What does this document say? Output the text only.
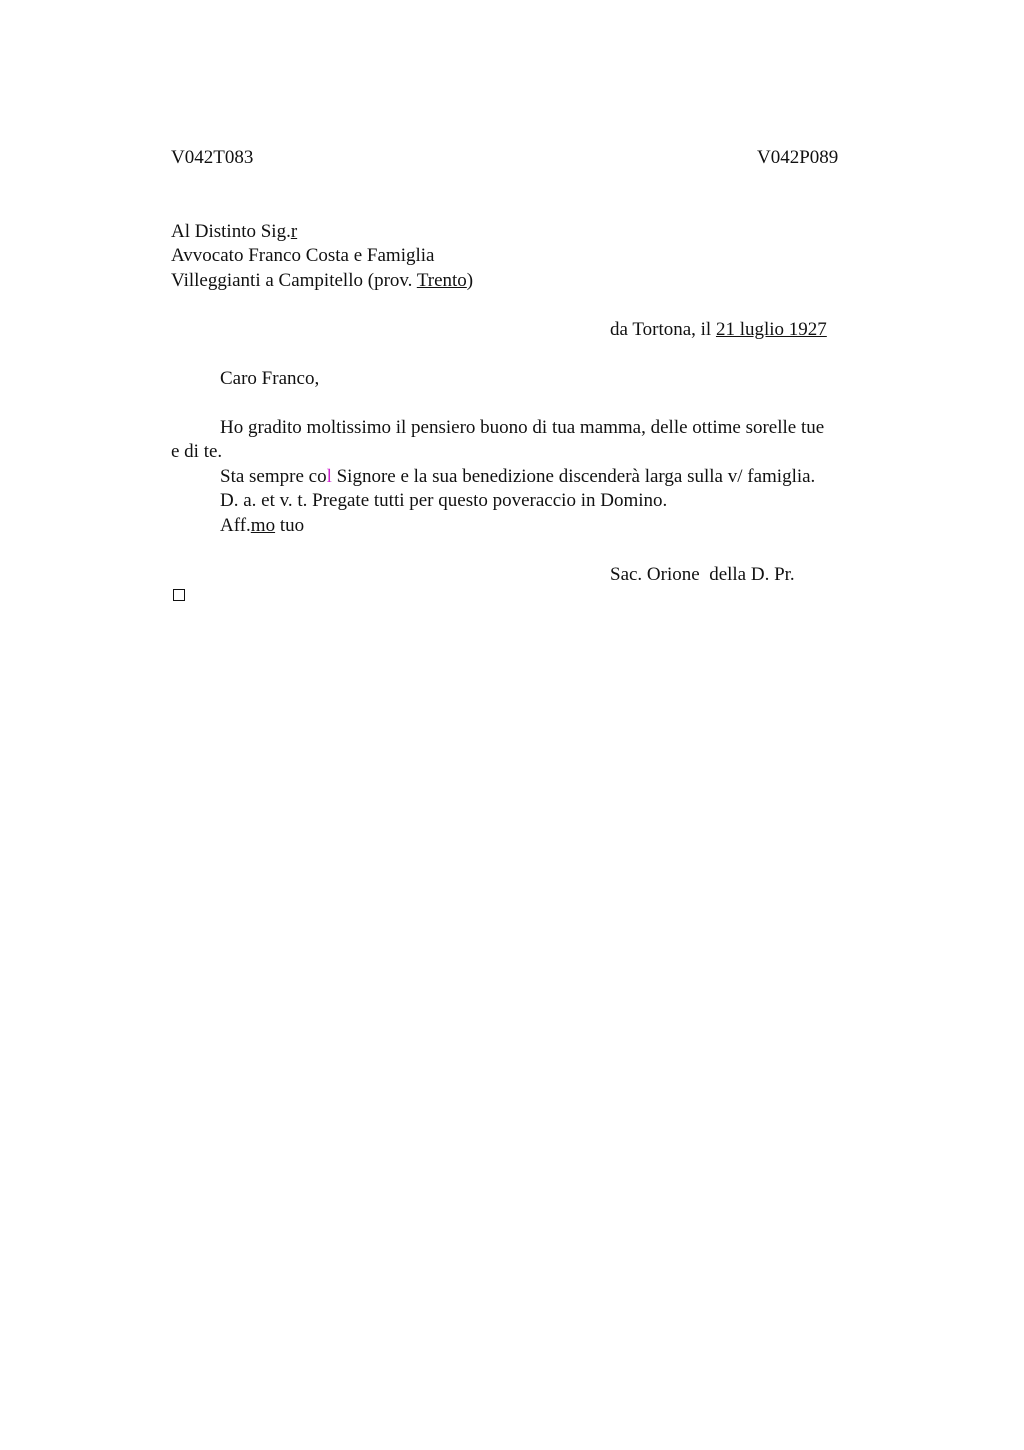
V042T083	V042P089
Al Distinto Sig.r
Avvocato Franco Costa e Famiglia
Villeggianti a Campitello (prov. Trento)
da Tortona, il 21 luglio 1927
Caro Franco,
Ho gradito moltissimo il pensiero buono di tua mamma, delle ottime sorelle tue
e di te.
Sta sempre col Signore e la sua benedizione discenderà larga sulla v/ famiglia.
D. a. et v. t. Pregate tutti per questo poveraccio in Domino.
Aff.mo tuo
Sac. Orione  della D. Pr.
